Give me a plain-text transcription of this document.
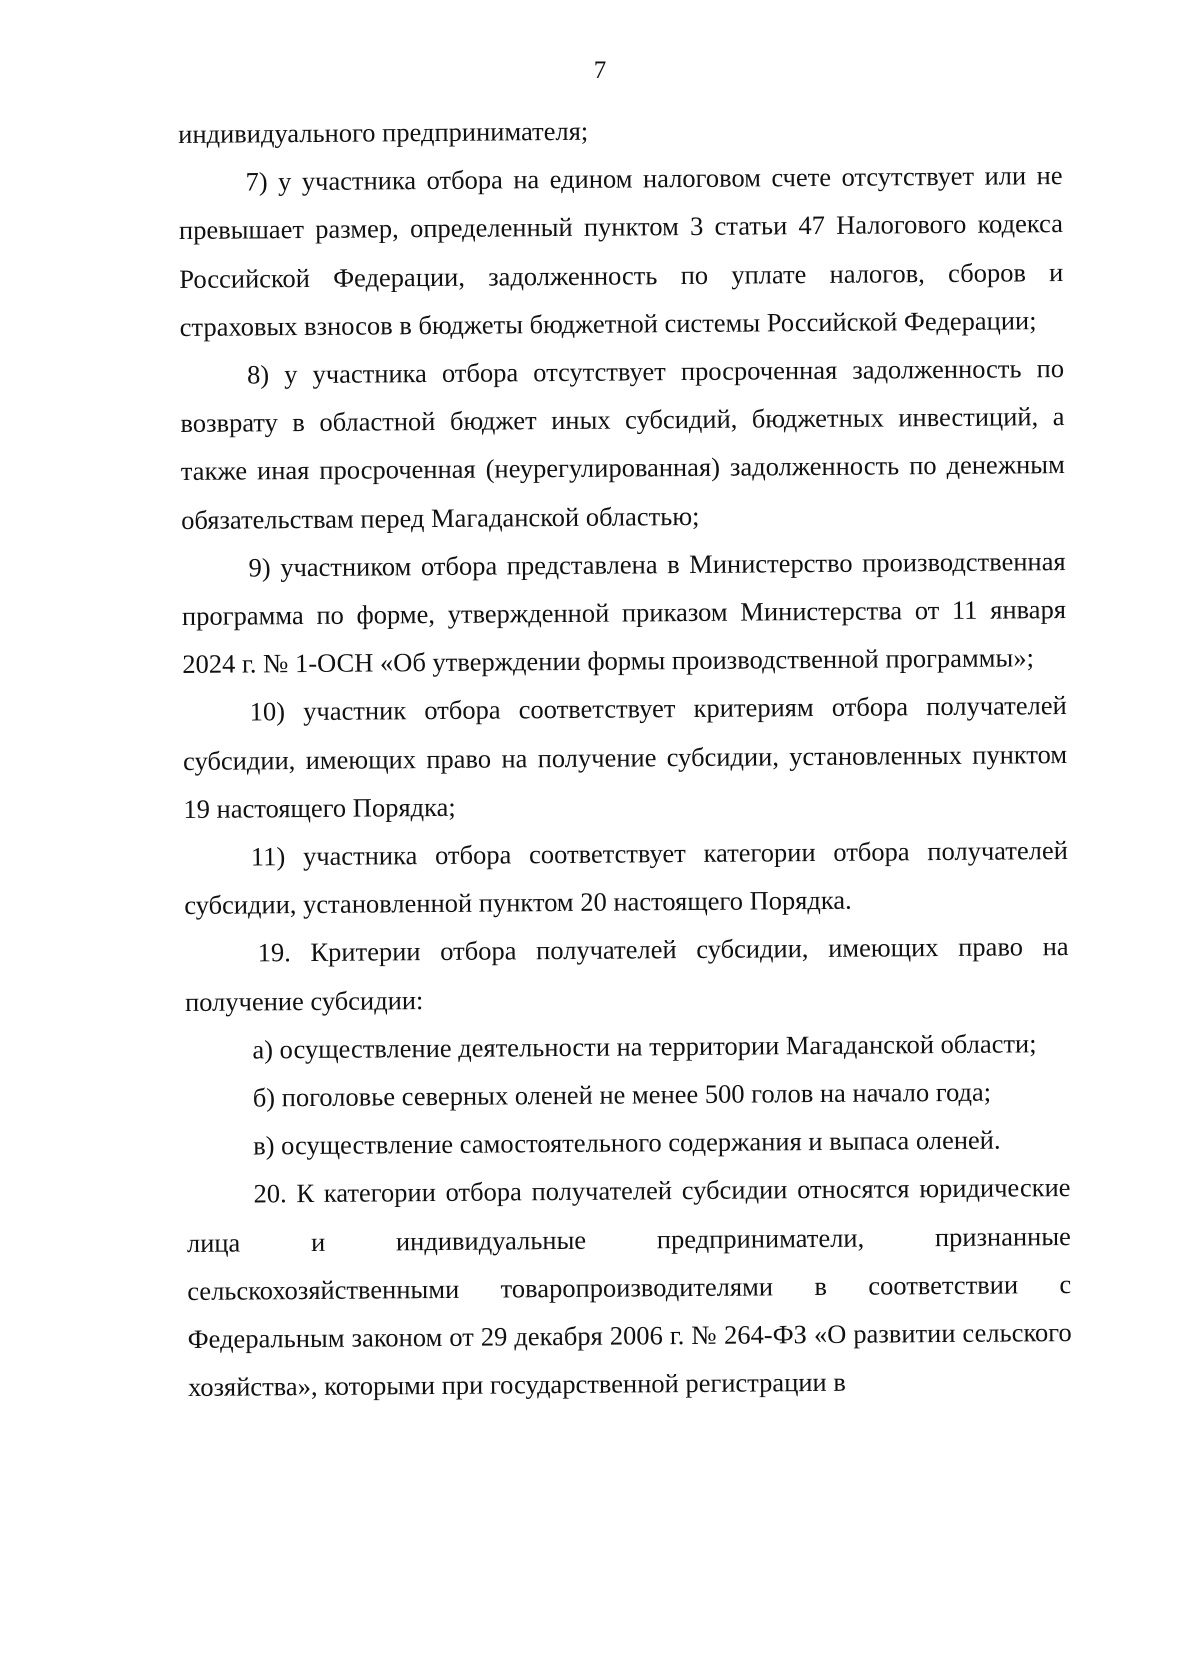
7

индивидуального предпринимателя;

7) у участника отбора на едином налоговом счете отсутствует или не превышает размер, определенный пунктом 3 статьи 47 Налогового кодекса Российской Федерации, задолженность по уплате налогов, сборов и страховых взносов в бюджеты бюджетной системы Российской Федерации;

8) у участника отбора отсутствует просроченная задолженность по возврату в областной бюджет иных субсидий, бюджетных инвестиций, а также иная просроченная (неурегулированная) задолженность по денежным обязательствам перед Магаданской областью;

9) участником отбора представлена в Министерство производственная программа по форме, утвержденной приказом Министерства от 11 января 2024 г. № 1-ОСН «Об утверждении формы производственной программы»;

10) участник отбора соответствует критериям отбора получателей субсидии, имеющих право на получение субсидии, установленных пунктом 19 настоящего Порядка;

11) участника отбора соответствует категории отбора получателей субсидии, установленной пунктом 20 настоящего Порядка.

19. Критерии отбора получателей субсидии, имеющих право на получение субсидии:

а) осуществление деятельности на территории Магаданской области;

б) поголовье северных оленей не менее 500 голов на начало года;

в) осуществление самостоятельного содержания и выпаса оленей.

20. К категории отбора получателей субсидии относятся юридические лица и индивидуальные предприниматели, признанные сельскохозяйственными товаропроизводителями в соответствии с Федеральным законом от 29 декабря 2006 г. № 264-ФЗ «О развитии сельского хозяйства», которыми при государственной регистрации в
